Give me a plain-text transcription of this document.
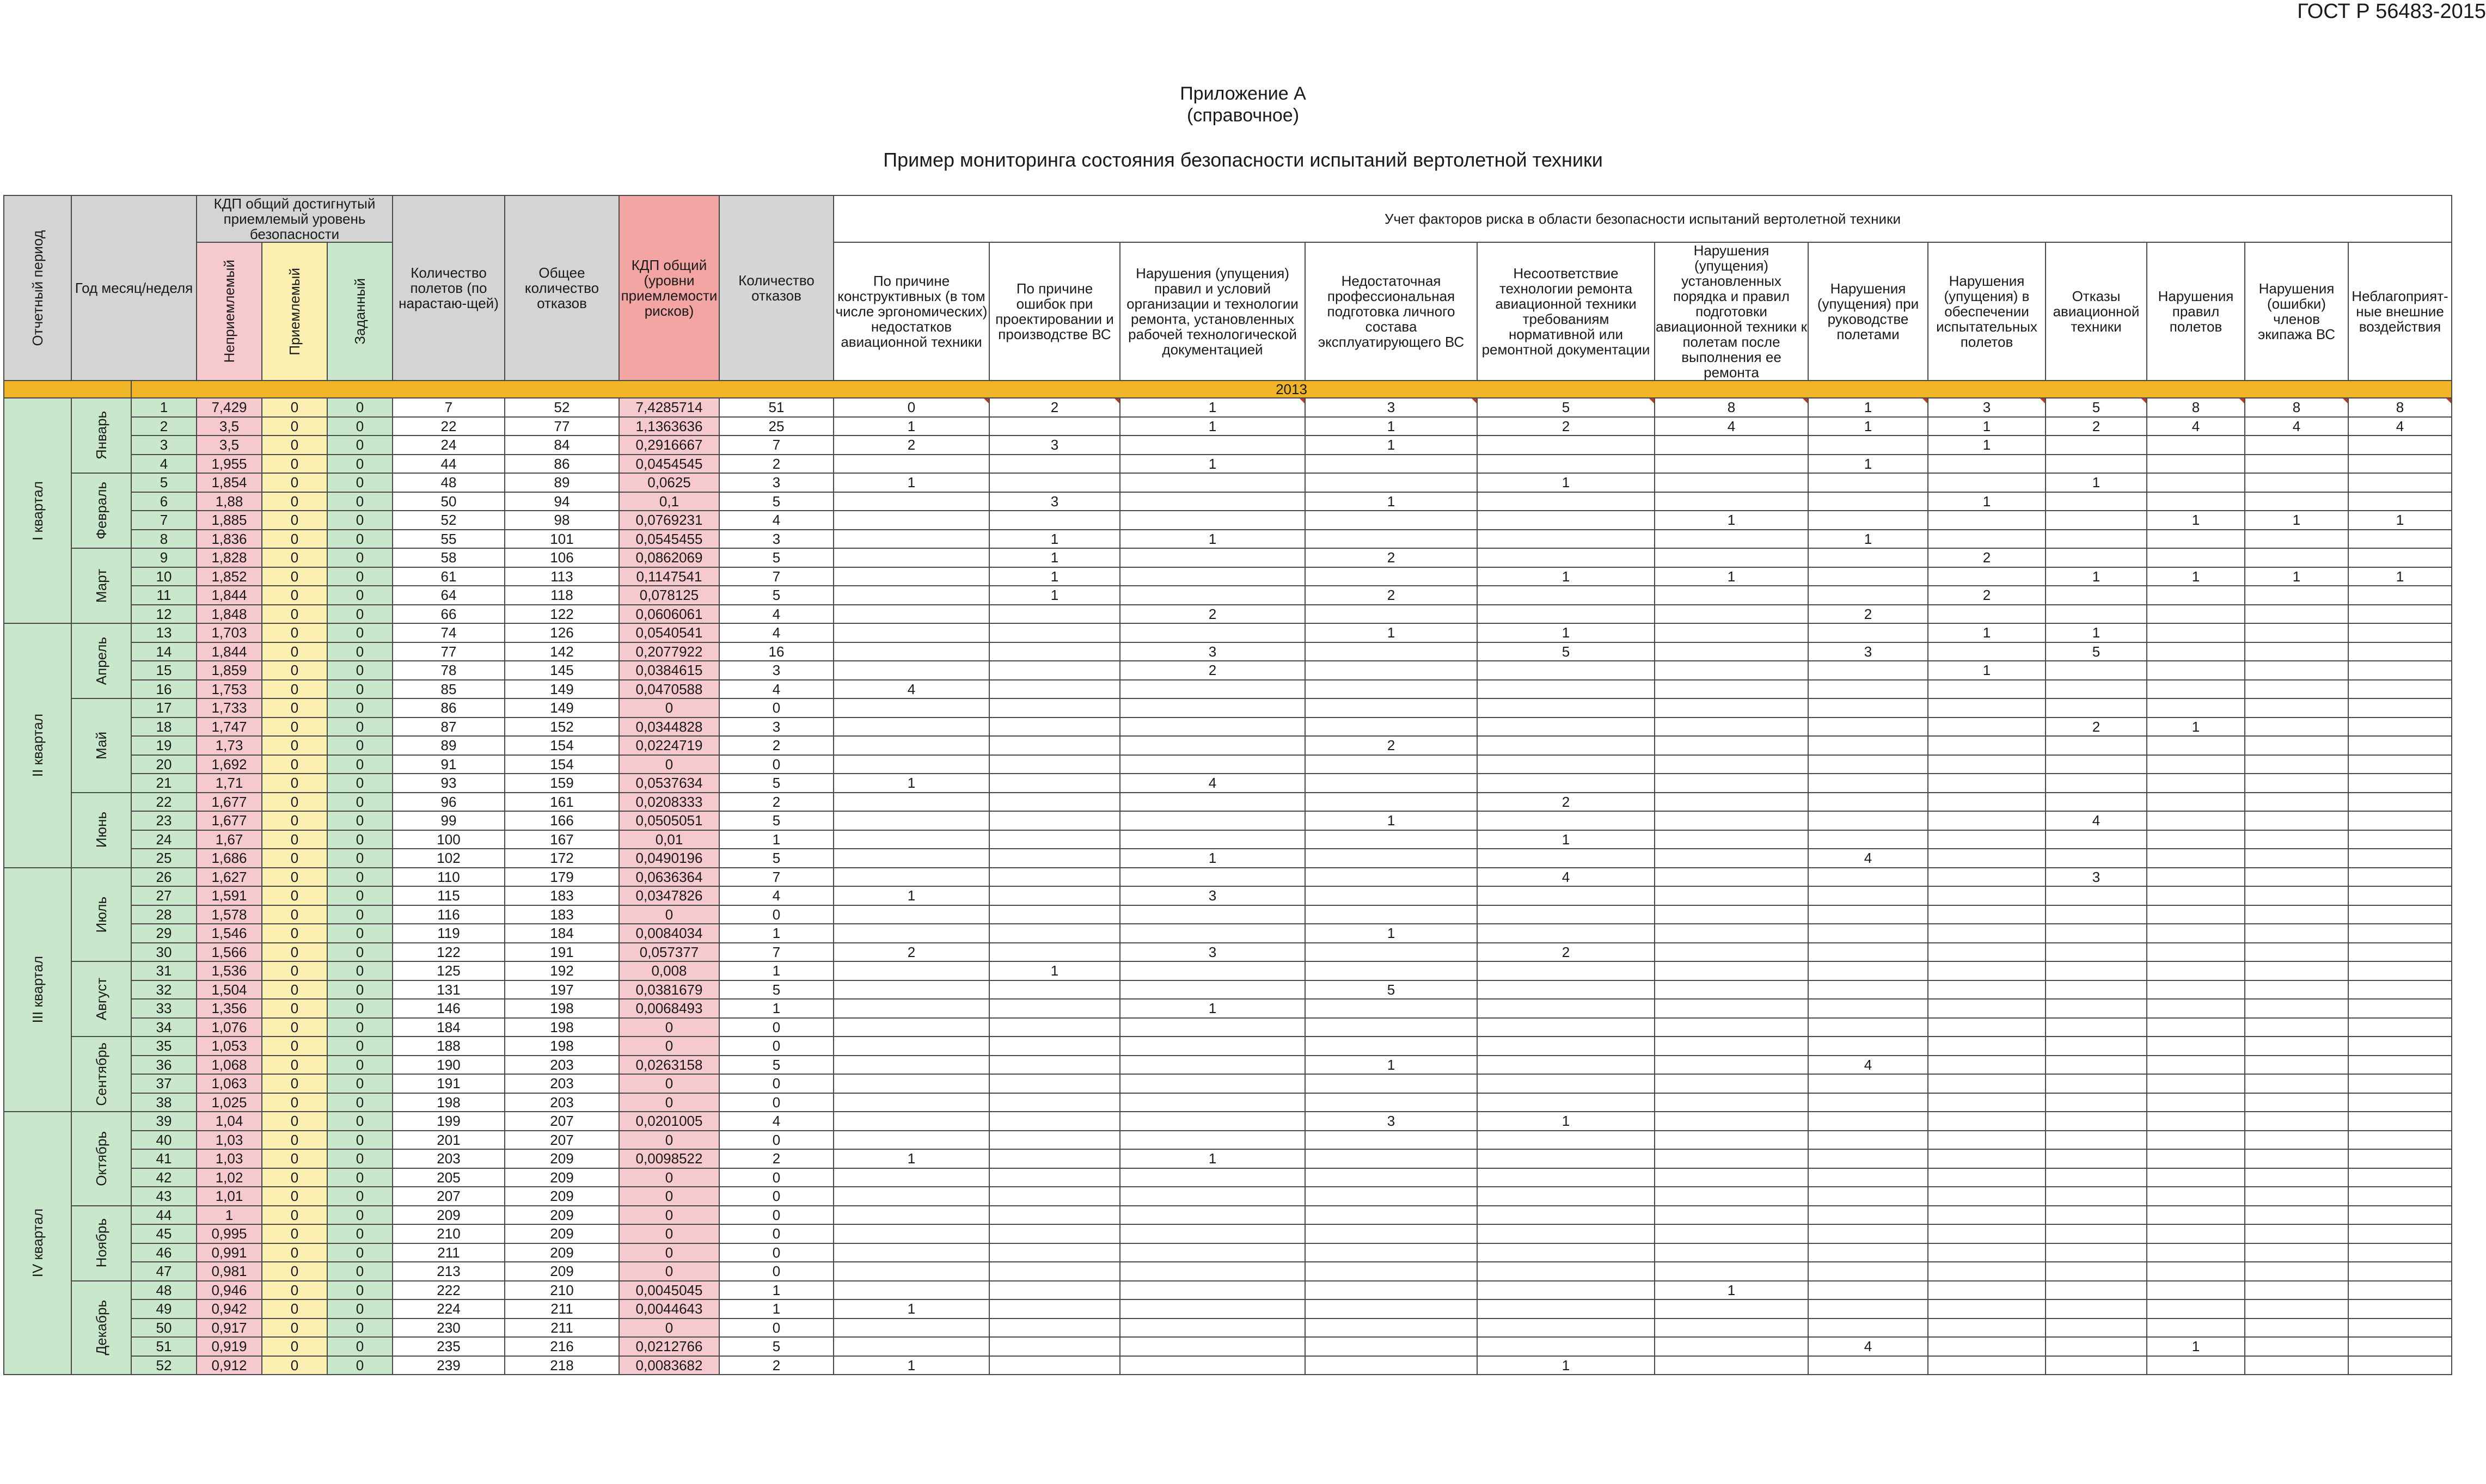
ГОСТ Р 56483-2015
Приложение А
(справочное)
Пример мониторинга состояния безопасности испытаний вертолетной техники
Отчетный период	Год месяц/неделя		КДП общий достигнутый приемлемый уровень безопасности			Количество полетов (по нарастаю-щей)	Общее количество отказов	КДП общий (уровни приемлемости рисков)	Количество отказов	Учет факторов риска в области безопасности испытаний вертолетной техники											

			Неприемлемый	Приемлемый	Заданный					По причине конструктивных (в том числе эргономических) недостатков авиационной техники	По причине ошибок при проектировании и производстве ВС	Нарушения (упущения) правил и условий организации и технологии ремонта, установленных рабочей технологической документацией	Недостаточная профессиональная подготовка личного состава эксплуатирующего ВС	Несоответствие технологии ремонта авиационной техники требованиям нормативной или ремонтной документации	Нарушения (упущения) установленных порядка и правил подготовки авиационной техники к полетам после выполнения ее ремонта	Нарушения (упущения) при руководстве полетами	Нарушения (упущения) в обеспечении испытательных полетов	Отказы авиационной техники	Нарушения правил полетов	Нарушения (ошибки) членов экипажа ВС	Неблагоприят-ные внешние воздействия
		2013																			

I квартал	Январь	1	7,429	0	0	7	52	7,4285714	51	0	2	1	3	5	8	1	3	5	8	8	8
		2	3,5	0	0	22	77	1,1363636	25	1		1	1	2	4	1	1	2	4	4	4
		3	3,5	0	0	24	84	0,2916667	7	2	3		1				1				
		4	1,955	0	0	44	86	0,0454545	2			1				1					

	Февраль	5	1,854	0	0	48	89	0,0625	3	1				1				1			
		6	1,88	0	0	50	94	0,1	5		3		1				1				
		7	1,885	0	0	52	98	0,0769231	4						1				1	1	1
		8	1,836	0	0	55	101	0,0545455	3		1	1				1					

	Март	9	1,828	0	0	58	106	0,0862069	5		1		2				2				
		10	1,852	0	0	61	113	0,1147541	7		1			1	1			1	1	1	1
		11	1,844	0	0	64	118	0,078125	5		1		2				2				
		12	1,848	0	0	66	122	0,0606061	4			2				2					

II квартал	Апрель	13	1,703	0	0	74	126	0,0540541	4				1	1			1	1			
		14	1,844	0	0	77	142	0,2077922	16			3		5		3		5			
		15	1,859	0	0	78	145	0,0384615	3			2					1				
		16	1,753	0	0	85	149	0,0470588	4	4											

	Май	17	1,733	0	0	86	149	0	0												
		18	1,747	0	0	87	152	0,0344828	3									2	1		
		19	1,73	0	0	89	154	0,0224719	2				2								
		20	1,692	0	0	91	154	0	0												
		21	1,71	0	0	93	159	0,0537634	5	1		4									

	Июнь	22	1,677	0	0	96	161	0,0208333	2					2							
		23	1,677	0	0	99	166	0,0505051	5				1					4			
		24	1,67	0	0	100	167	0,01	1					1							
		25	1,686	0	0	102	172	0,0490196	5			1				4					

III квартал	Июль	26	1,627	0	0	110	179	0,0636364	7					4				3			
		27	1,591	0	0	115	183	0,0347826	4	1		3									
		28	1,578	0	0	116	183	0	0												
		29	1,546	0	0	119	184	0,0084034	1				1								
		30	1,566	0	0	122	191	0,057377	7	2		3		2							

	Август	31	1,536	0	0	125	192	0,008	1		1										
		32	1,504	0	0	131	197	0,0381679	5				5								
		33	1,356	0	0	146	198	0,0068493	1			1									
		34	1,076	0	0	184	198	0	0												

	Сентябрь	35	1,053	0	0	188	198	0	0												
		36	1,068	0	0	190	203	0,0263158	5				1			4					
		37	1,063	0	0	191	203	0	0												
		38	1,025	0	0	198	203	0	0												

IV квартал	Октябрь	39	1,04	0	0	199	207	0,0201005	4				3	1							
		40	1,03	0	0	201	207	0	0												
		41	1,03	0	0	203	209	0,0098522	2	1		1									
		42	1,02	0	0	205	209	0	0												
		43	1,01	0	0	207	209	0	0												

	Ноябрь	44	1	0	0	209	209	0	0												
		45	0,995	0	0	210	209	0	0												
		46	0,991	0	0	211	209	0	0												
		47	0,981	0	0	213	209	0	0												

	Декабрь	48	0,946	0	0	222	210	0,0045045	1						1						
		49	0,942	0	0	224	211	0,0044643	1	1											
		50	0,917	0	0	230	211	0	0												
		51	0,919	0	0	235	216	0,0212766	5							4			1		
		52	0,912	0	0	239	218	0,0083682	2	1				1							
